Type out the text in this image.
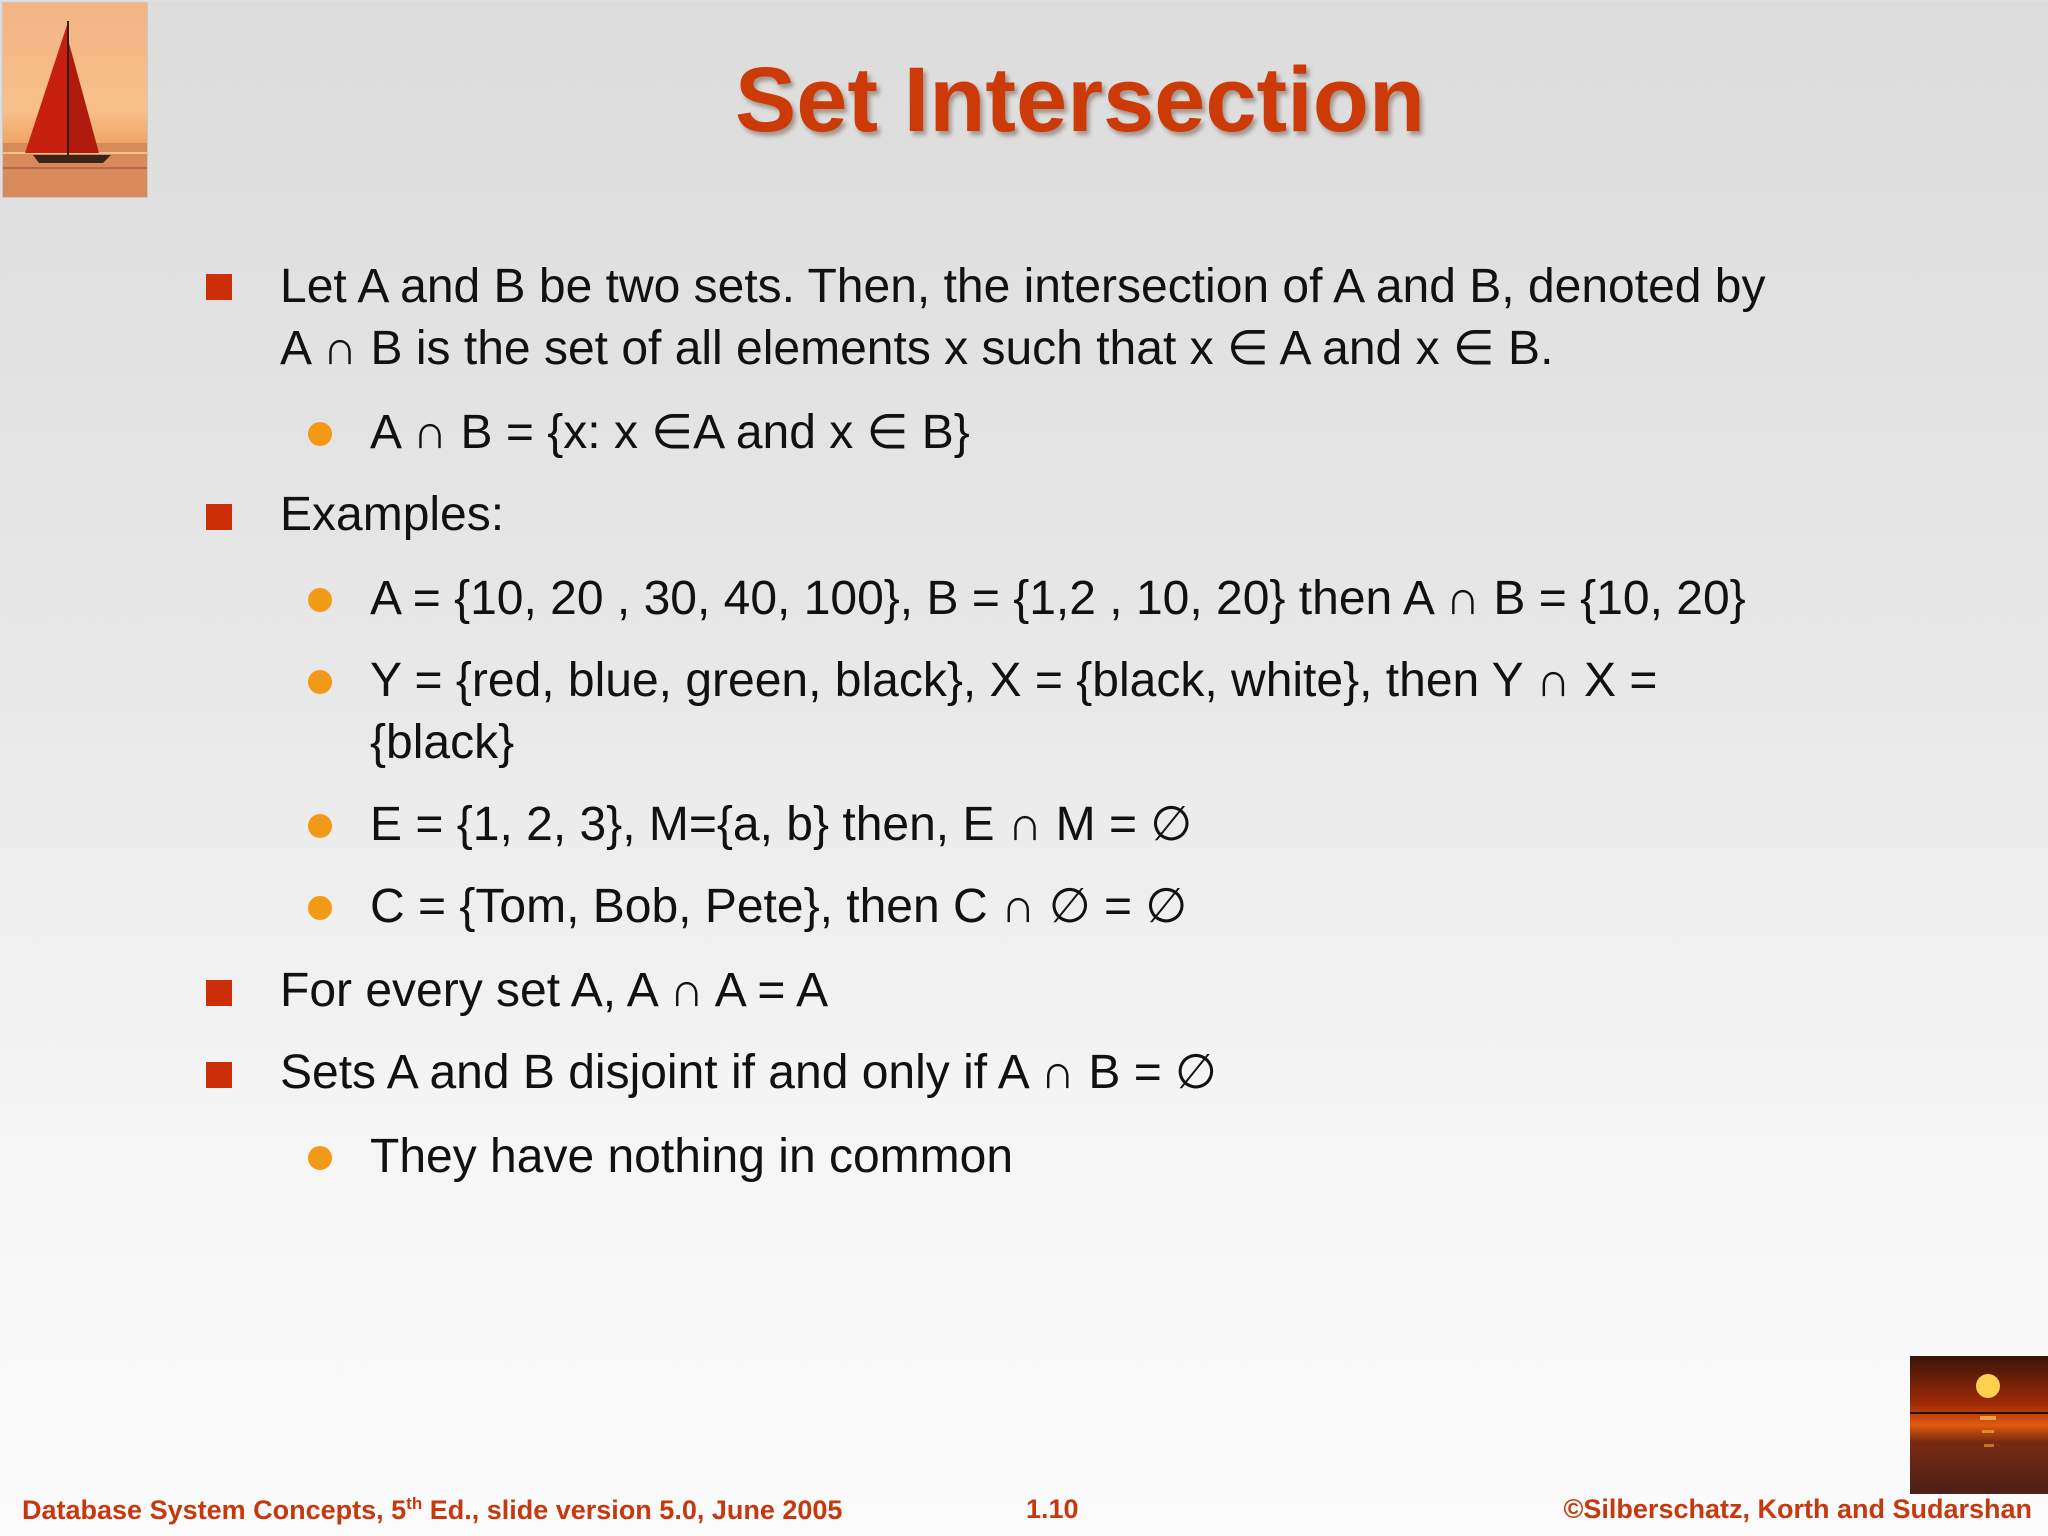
Set Intersection
Let A and B be two sets. Then, the intersection of A and B, denoted by
A ∩ B is the set of all elements x such that x ∈ A and x ∈ B.
A ∩ B = {x: x ∈A and x ∈ B}
Examples:
A = {10, 20 , 30, 40, 100}, B = {1,2 , 10, 20} then A ∩ B = {10, 20}
Y = {red, blue, green, black}, X = {black, white}, then Y ∩ X =
{black}
E = {1, 2, 3}, M={a, b} then, E ∩ M = ∅
C = {Tom, Bob, Pete}, then C ∩ ∅ = ∅
For every set A, A ∩ A = A
Sets A and B disjoint if and only if A ∩ B = ∅
They have nothing in common
Database System Concepts, 5th Ed., slide version 5.0, June 2005	1.10	©Silberschatz, Korth and Sudarshan
